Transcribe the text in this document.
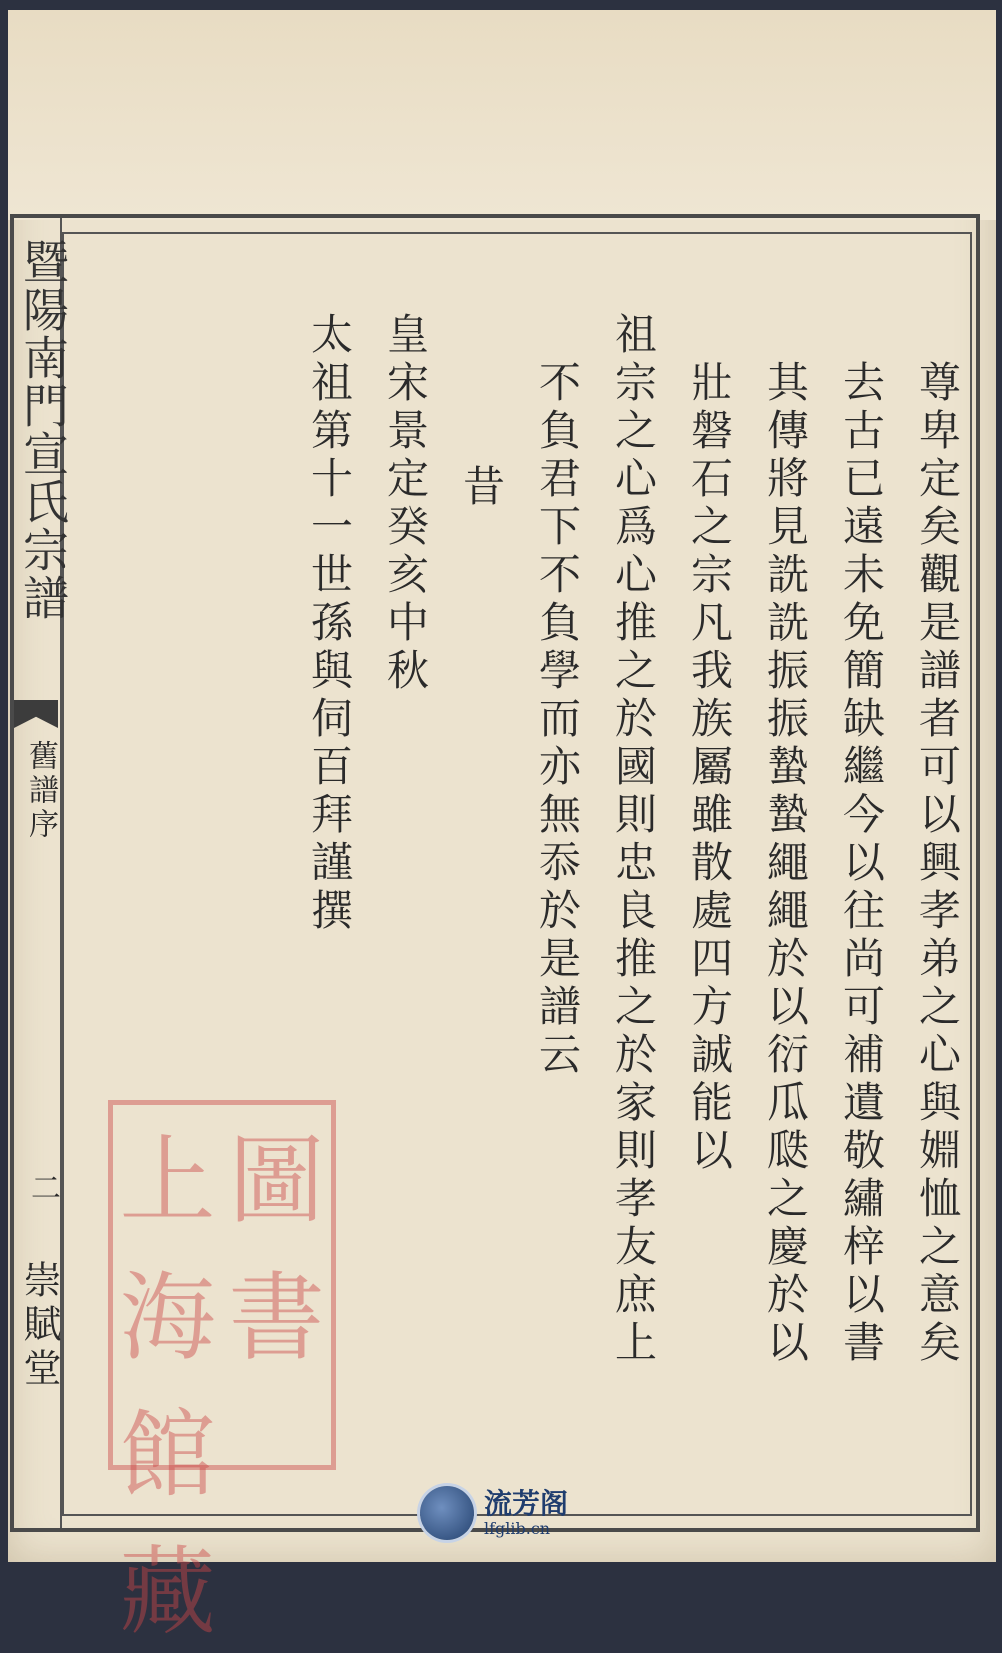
暨陽南門宣氏宗譜
舊譜序
二
崇賦堂	尊卑定矣觀是譜者可以興孝弟之心與婣恤之意矣
去古已遠未免簡缺繼今以往尚可補遺敬繡梓以書
其傳將見詵詵振振蟄蟄繩繩於以衍瓜瓞之慶於以
壯磐石之宗凡我族屬雖散處四方誠能以
祖宗之心爲心推之於國則忠良推之於家則孝友庶上
不負君下不負學而亦無忝於是譜云
昔
皇宋景定癸亥中秋
太祖第十一世孫與伺百拜謹撰
上海
圖書
館藏
流芳阁
lfglib.cn
